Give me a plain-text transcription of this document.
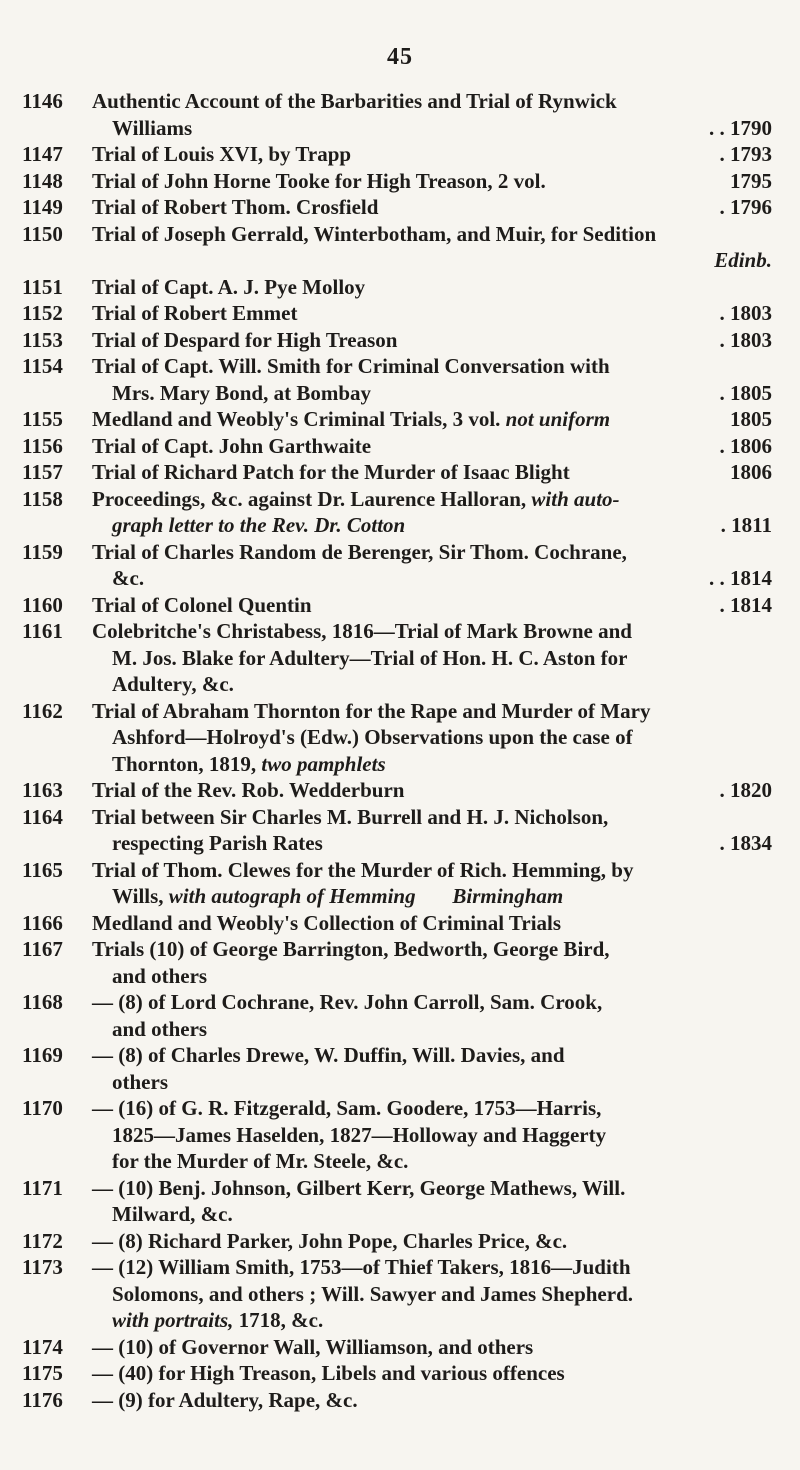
45
1146	Authentic Account of the Barbarities and Trial of Rynwick
Williams	. . 1790
1147	Trial of Louis XVI, by Trapp	. 1793
1148	Trial of John Horne Tooke for High Treason, 2 vol.	1795
1149	Trial of Robert Thom. Crosfield	. 1796
1150	Trial of Joseph Gerrald, Winterbotham, and Muir, for Sedition
Edinb.
1151	Trial of Capt. A. J. Pye Molloy
1152	Trial of Robert Emmet	. 1803
1153	Trial of Despard for High Treason	. 1803
1154	Trial of Capt. Will. Smith for Criminal Conversation with
Mrs. Mary Bond, at Bombay	. 1805
1155	Medland and Weobly's Criminal Trials, 3 vol. not uniform	1805
1156	Trial of Capt. John Garthwaite	. 1806
1157	Trial of Richard Patch for the Murder of Isaac Blight	1806
1158	Proceedings, &c. against Dr. Laurence Halloran, with auto-
graph letter to the Rev. Dr. Cotton	. 1811
1159	Trial of Charles Random de Berenger, Sir Thom. Cochrane,
&c.	. . 1814
1160	Trial of Colonel Quentin	. 1814
1161	Colebritche's Christabess, 1816—Trial of Mark Browne and
M. Jos. Blake for Adultery—Trial of Hon. H. C. Aston for
Adultery, &c.
1162	Trial of Abraham Thornton for the Rape and Murder of Mary
Ashford—Holroyd's (Edw.) Observations upon the case of
Thornton, 1819, two pamphlets
1163	Trial of the Rev. Rob. Wedderburn	. 1820
1164	Trial between Sir Charles M. Burrell and H. J. Nicholson,
respecting Parish Rates	. 1834
1165	Trial of Thom. Clewes for the Murder of Rich. Hemming, by
Wills, with autograph of Hemming       Birmingham
1166	Medland and Weobly's Collection of Criminal Trials
1167	Trials (10) of George Barrington, Bedworth, George Bird,
and others
1168	— (8) of Lord Cochrane, Rev. John Carroll, Sam. Crook,
and others
1169	— (8) of Charles Drewe, W. Duffin, Will. Davies, and
others
1170	— (16) of G. R. Fitzgerald, Sam. Goodere, 1753—Harris,
1825—James Haselden, 1827—Holloway and Haggerty
for the Murder of Mr. Steele, &c.
1171	— (10) Benj. Johnson, Gilbert Kerr, George Mathews, Will.
Milward, &c.
1172	— (8) Richard Parker, John Pope, Charles Price, &c.
1173	— (12) William Smith, 1753—of Thief Takers, 1816—Judith
Solomons, and others ; Will. Sawyer and James Shepherd.
with portraits, 1718, &c.
1174	— (10) of Governor Wall, Williamson, and others
1175	— (40) for High Treason, Libels and various offences
1176	— (9) for Adultery, Rape, &c.
